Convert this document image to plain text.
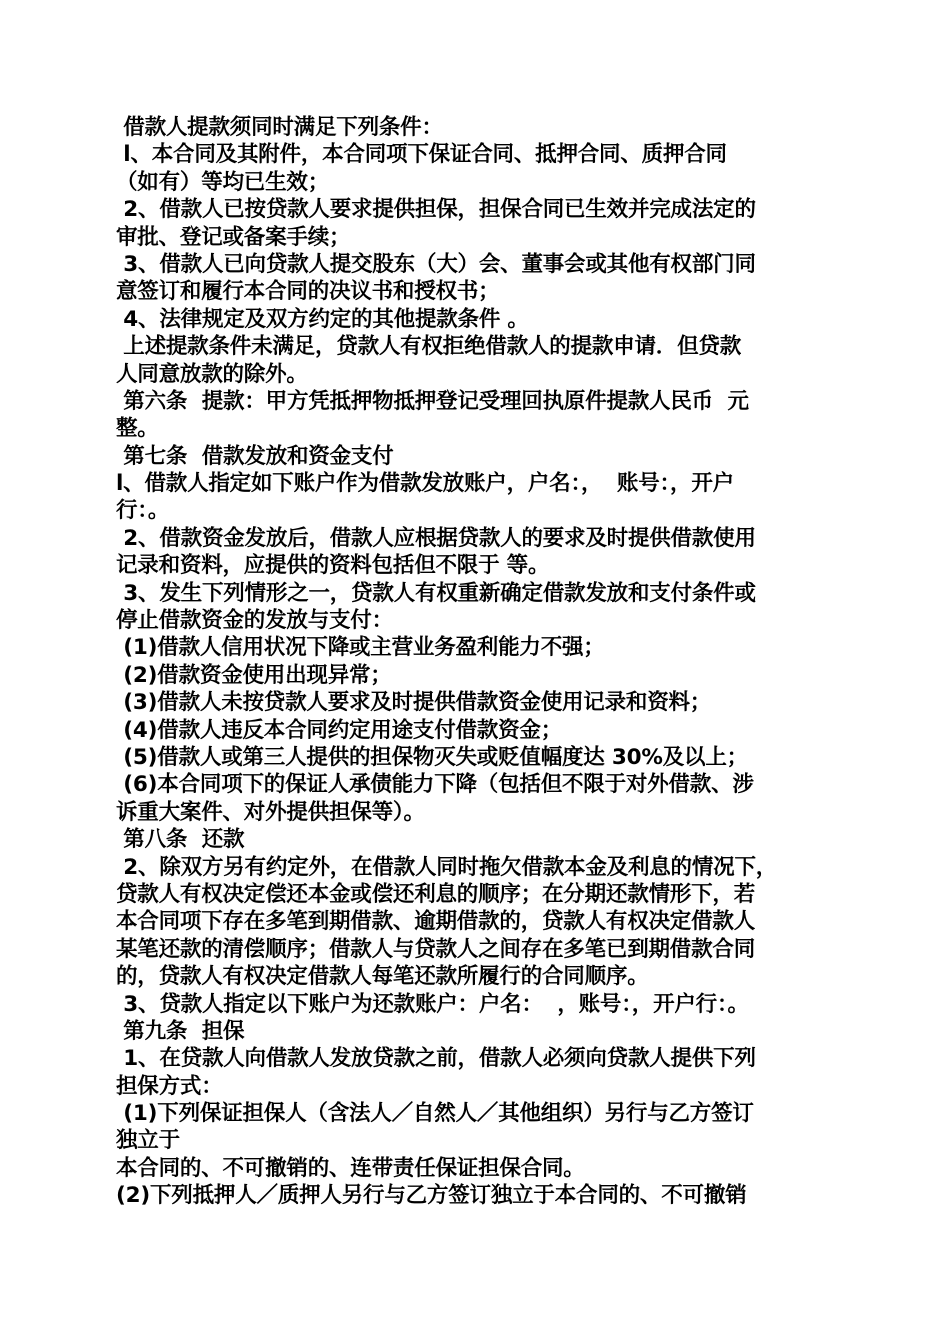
借款人提款须同时满足下列条件：
l、本合同及其附件，本合同项下保证合同、抵押合同、质押合同
（如有）等均已生效；
2、借款人已按贷款人要求提供担保，担保合同已生效并完成法定的
审批、登记或备案手续；
3、借款人已向贷款人提交股东（大）会、董事会或其他有权部门同
意签订和履行本合同的决议书和授权书；
4、法律规定及双方约定的其他提款条件 。
上述提款条件未满足，贷款人有权拒绝借款人的提款申请．但贷款
人同意放款的除外。
第六条  提款：甲方凭抵押物抵押登记受理回执原件提款人民币  元
整。
第七条  借款发放和资金支付
l、借款人指定如下账户作为借款发放账户，户名：，  账号：，开户
行：。
2、借款资金发放后，借款人应根据贷款人的要求及时提供借款使用
记录和资料，应提供的资料包括但不限于 等。
3、发生下列情形之一，贷款人有权重新确定借款发放和支付条件或
停止借款资金的发放与支付：
(1)借款人信用状况下降或主营业务盈利能力不强；
(2)借款资金使用出现异常；
(3)借款人未按贷款人要求及时提供借款资金使用记录和资料；
(4)借款人违反本合同约定用途支付借款资金；
(5)借款人或第三人提供的担保物灭失或贬值幅度达 30%及以上；
(6)本合同项下的保证人承债能力下降（包括但不限于对外借款、涉
诉重大案件、对外提供担保等）。
第八条  还款
2、除双方另有约定外，在借款人同时拖欠借款本金及利息的情况下，
贷款人有权决定偿还本金或偿还利息的顺序；在分期还款情形下，若
本合同项下存在多笔到期借款、逾期借款的，贷款人有权决定借款人
某笔还款的清偿顺序；借款人与贷款人之间存在多笔已到期借款合同
的，贷款人有权决定借款人每笔还款所履行的合同顺序。
3、贷款人指定以下账户为还款账户：户名：  ，账号：，开户行：。
第九条  担保
1、在贷款人向借款人发放贷款之前，借款人必须向贷款人提供下列
担保方式：
(1)下列保证担保人（含法人／自然人／其他组织）另行与乙方签订
独立于
本合同的、不可撤销的、连带责任保证担保合同。
(2)下列抵押人／质押人另行与乙方签订独立于本合同的、不可撤销
